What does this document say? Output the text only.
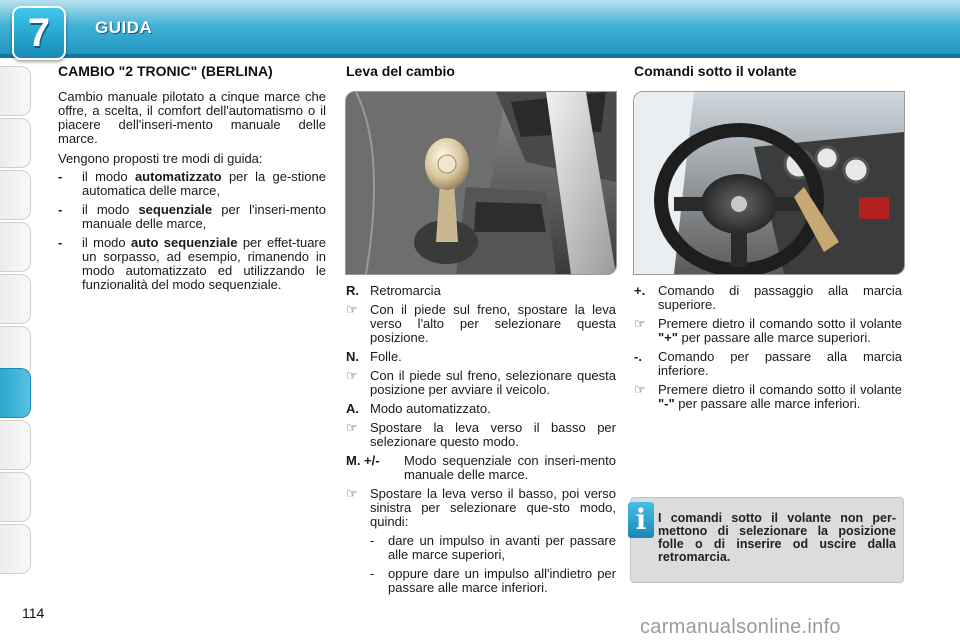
7	GUIDA
CAMBIO "2 TRONIC" (BERLINA)

Cambio manuale pilotato a cinque marce che offre, a scelta, il comfort dell'automatismo o il piacere dell'inseri-mento manuale delle marce.

Vengono proposti tre modi di guida:

- il modo automatizzato per la ge-stione automatica delle marce,
- il modo sequenziale per l'inseri-mento manuale delle marce,
- il modo auto sequenziale per effet-tuare un sorpasso, ad esempio, rimanendo in modo automatizzato ed utilizzando le funzionalità del modo sequenziale.
Leva del cambio
R. Retromarcia
☞ Con il piede sul freno, spostare la leva verso l'alto per selezionare questa posizione.
N. Folle.
☞ Con il piede sul freno, selezionare questa posizione per avviare il veicolo.
A. Modo automatizzato.
☞ Spostare la leva verso il basso per selezionare questo modo.
M. +/- Modo sequenziale con inseri-mento manuale delle marce.
☞ Spostare la leva verso il basso, poi verso sinistra per selezionare que-sto modo, quindi:
- dare un impulso in avanti per passare alle marce superiori,
- oppure dare un impulso all'indietro per passare alle marce inferiori.
Comandi sotto il volante
+. Comando di passaggio alla marcia superiore.
☞ Premere dietro il comando sotto il volante "+" per passare alle marce superiori.
-. Comando per passare alla marcia inferiore.
☞ Premere dietro il comando sotto il volante "-" per passare alle marce inferiori.
i I comandi sotto il volante non per-mettono di selezionare la posizione folle o di inserire od uscire dalla retromarcia.
114
carmanualsonline.info
